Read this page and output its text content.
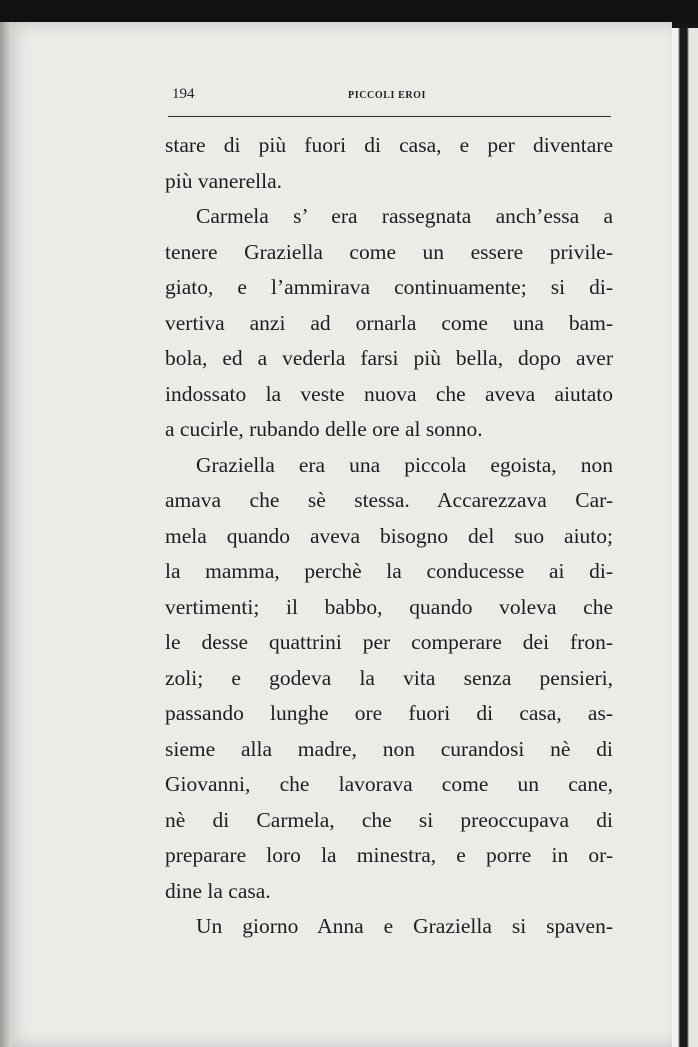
194	PICCOLI EROI
stare di più fuori di casa, e per diventare
più vanerella.
Carmela s’ era rassegnata anch’essa a
tenere Graziella come un essere privile-
giato, e l’ammirava continuamente; si di-
vertiva anzi ad ornarla come una bam-
bola, ed a vederla farsi più bella, dopo aver
indossato la veste nuova che aveva aiutato
a cucirle, rubando delle ore al sonno.
Graziella era una piccola egoista, non
amava che sè stessa. Accarezzava Car-
mela quando aveva bisogno del suo aiuto;
la mamma, perchè la conducesse ai di-
vertimenti; il babbo, quando voleva che
le desse quattrini per comperare dei fron-
zoli; e godeva la vita senza pensieri,
passando lunghe ore fuori di casa, as-
sieme alla madre, non curandosi nè di
Giovanni, che lavorava come un cane,
nè di Carmela, che si preoccupava di
preparare loro la minestra, e porre in or-
dine la casa.
Un giorno Anna e Graziella si spaven-
